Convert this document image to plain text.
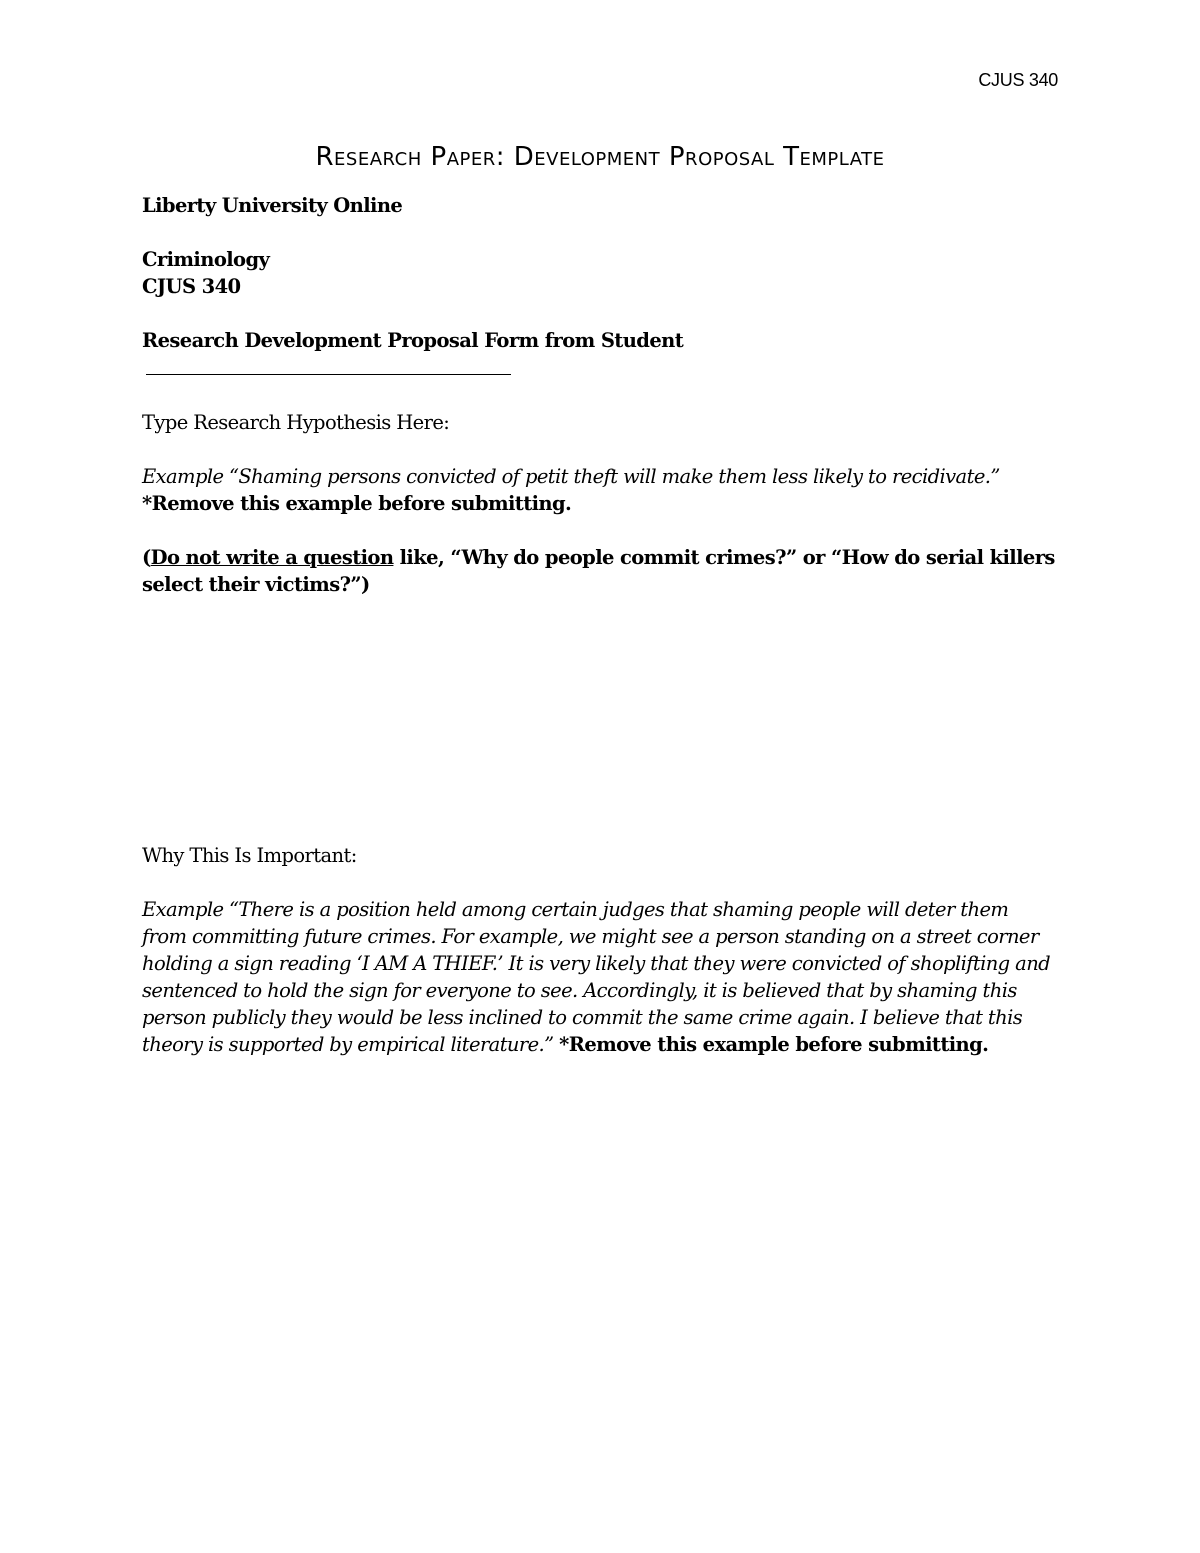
CJUS 340
Research Paper: Development Proposal Template

Liberty University Online

Criminology

CJUS 340

Research Development Proposal Form from Student

Type Research Hypothesis Here:

Example “Shaming persons convicted of petit theft will make them less likely to recidivate.”

*Remove this example before submitting.

(Do not write a question like, “Why do people commit crimes?” or “How do serial killers select their victims?”)

Why This Is Important:

Example “There is a position held among certain judges that shaming people will deter them from committing future crimes. For example, we might see a person standing on a street corner holding a sign reading ‘I AM A THIEF.’ It is very likely that they were convicted of shoplifting and sentenced to hold the sign for everyone to see. Accordingly, it is believed that by shaming this person publicly they would be less inclined to commit the same crime again. I believe that this theory is supported by empirical literature.” *Remove this example before submitting.
